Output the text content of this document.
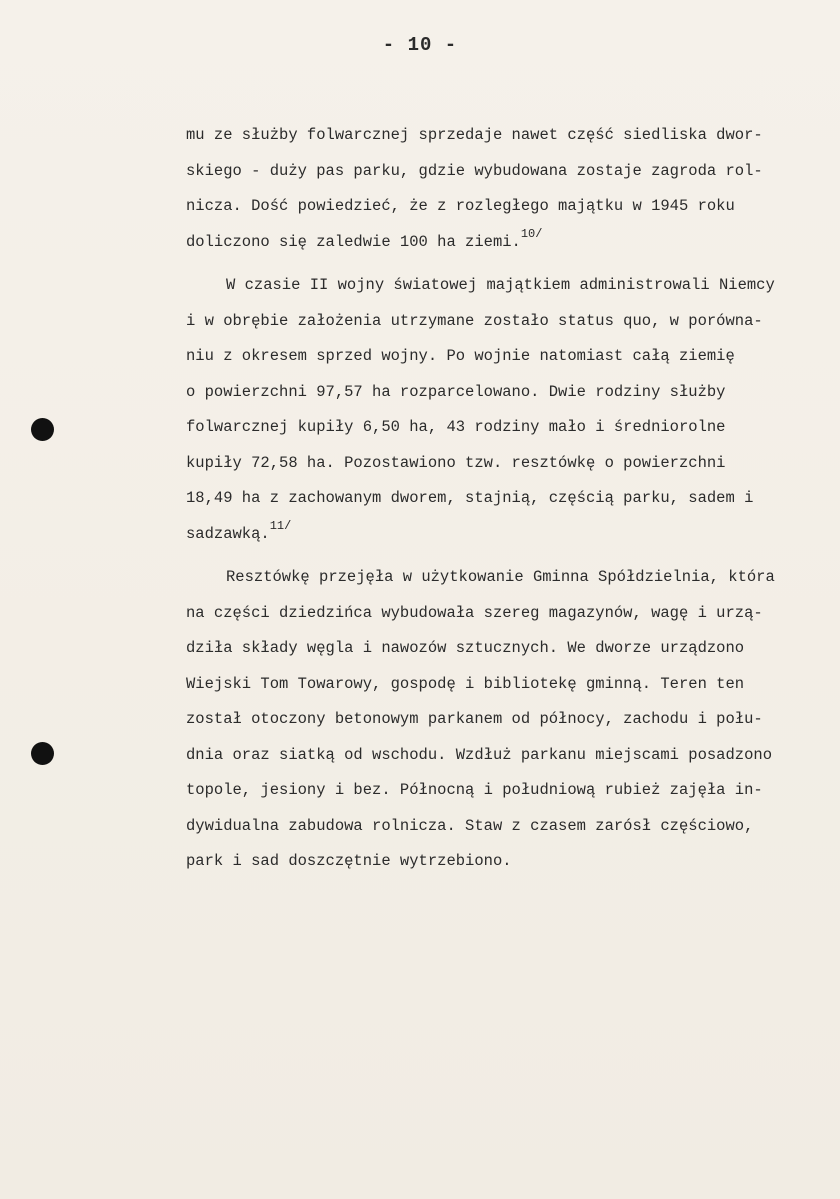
- 10 -

mu ze służby folwarcznej sprzedaje nawet część siedliska dwor-
skiego - duży pas parku, gdzie wybudowana zostaje zagroda rol-
nicza. Dość powiedzieć, że z rozległego majątku w 1945 roku
doliczono się zaledwie 100 ha ziemi.$^{10/}$

W czasie II wojny światowej majątkiem administrowali Niemcy
i w obrębie założenia utrzymane zostało status quo, w porówna-
niu z okresem sprzed wojny. Po wojnie natomiast całą ziemię
o powierzchni 97,57 ha rozparcelowano. Dwie rodziny służby
folwarcznej kupiły 6,50 ha, 43 rodziny mało i średniorolne
kupiły 72,58 ha. Pozostawiono tzw. resztówkę o powierzchni
18,49 ha z zachowanym dworem, stajnią, częścią parku, sadem i
sadzawką.$^{11/}$

Resztówkę przejęła w użytkowanie Gminna Spółdzielnia, która
na części dziedzińca wybudowała szereg magazynów, wagę i urzą-
dziła składy węgla i nawozów sztucznych. We dworze urządzono
Wiejski Tom Towarowy, gospodę i bibliotekę gminną. Teren ten
został otoczony betonowym parkanem od północy, zachodu i połu-
dnia oraz siatką od wschodu. Wzdłuż parkanu miejscami posadzono
topole, jesiony i bez. Północną i południową rubież zajęła in-
dywidualna zabudowa rolnicza. Staw z czasem zarósł częściowo,
park i sad doszczętnie wytrzebiono.
